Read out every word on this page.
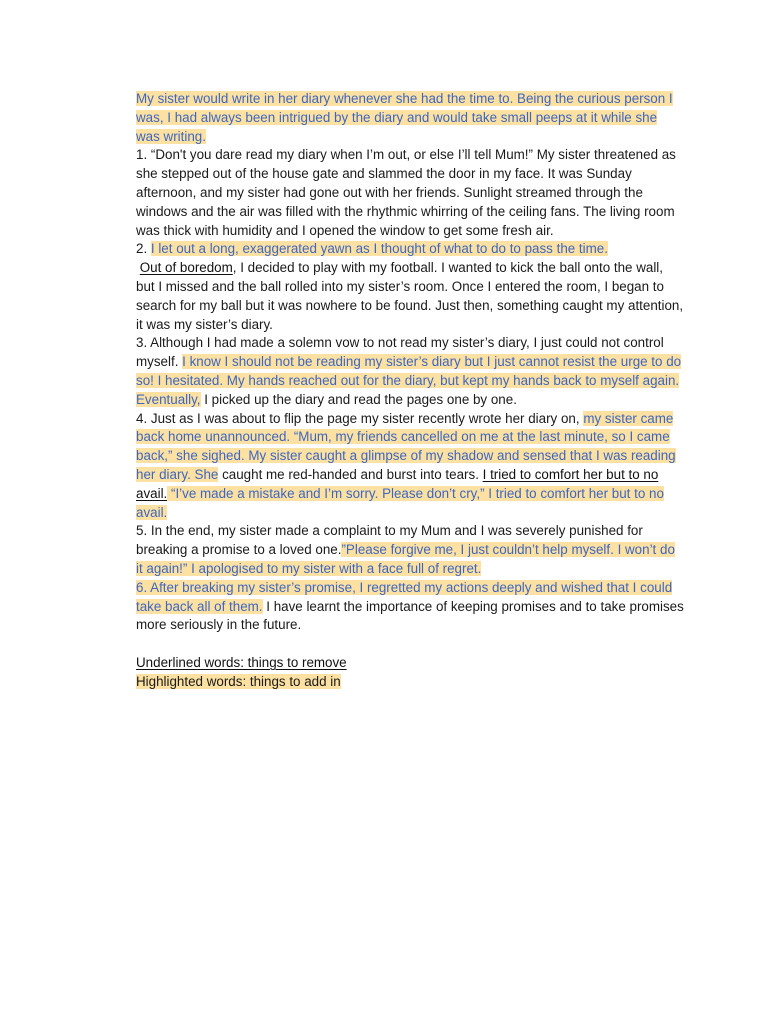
My sister would write in her diary whenever she had the time to. Being the curious person I was, I had always been intrigued by the diary and would take small peeps at it while she was writing.

1. “Don't you dare read my diary when I’m out, or else I’ll tell Mum!” My sister threatened as she stepped out of the house gate and slammed the door in my face. It was Sunday afternoon, and my sister had gone out with her friends. Sunlight streamed through the windows and the air was filled with the rhythmic whirring of the ceiling fans. The living room was thick with humidity and I opened the window to get some fresh air.

2. I let out a long, exaggerated yawn as I thought of what to do to pass the time.
Out of boredom, I decided to play with my football. I wanted to kick the ball onto the wall, but I missed and the ball rolled into my sister’s room. Once I entered the room, I began to search for my ball but it was nowhere to be found. Just then, something caught my attention, it was my sister’s diary.

3. Although I had made a solemn vow to not read my sister’s diary, I just could not control myself. I know I should not be reading my sister’s diary but I just cannot resist the urge to do so! I hesitated. My hands reached out for the diary, but kept my hands back to myself again. Eventually, I picked up the diary and read the pages one by one.

4. Just as I was about to flip the page my sister recently wrote her diary on, my sister came back home unannounced. “Mum, my friends cancelled on me at the last minute, so I came back,” she sighed. My sister caught a glimpse of my shadow and sensed that I was reading her diary. She caught me red-handed and burst into tears. I tried to comfort her but to no avail. “I’ve made a mistake and I’m sorry. Please don’t cry,” I tried to comfort her but to no avail.

5. In the end, my sister made a complaint to my Mum and I was severely punished for breaking a promise to a loved one.”Please forgive me, I just couldn’t help myself. I won’t do it again!” I apologised to my sister with a face full of regret.

6. After breaking my sister’s promise, I regretted my actions deeply and wished that I could take back all of them. I have learnt the importance of keeping promises and to take promises more seriously in the future.

Underlined words: things to remove

Highlighted words: things to add in
